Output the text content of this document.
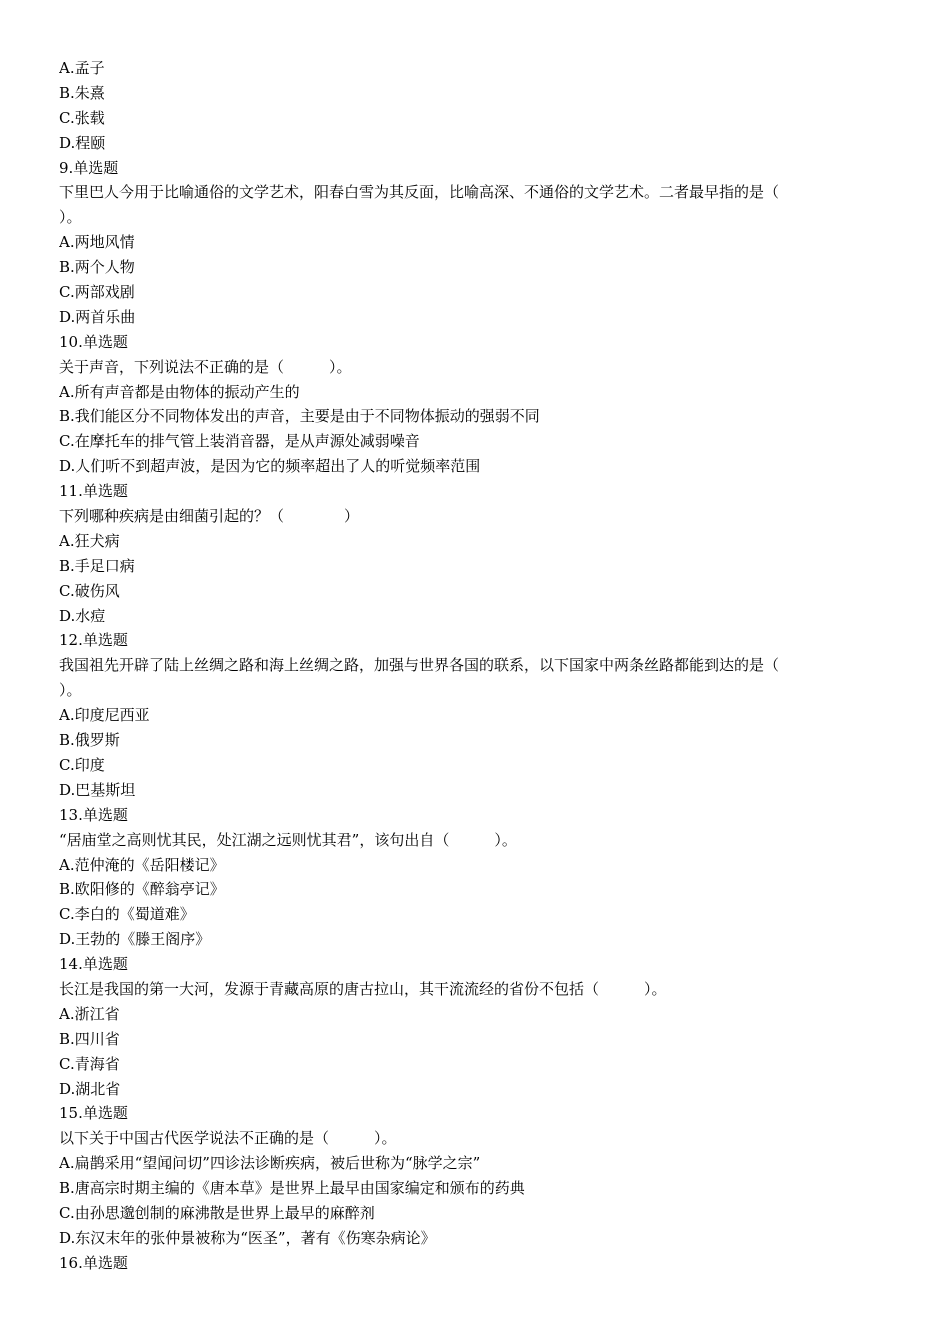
A.孟子
B.朱熹
C.张载
D.程颐
9.单选题
下里巴人今用于比喻通俗的文学艺术，阳春白雪为其反面，比喻高深、不通俗的文学艺术。二者最早指的是（
）。
A.两地风情
B.两个人物
C.两部戏剧
D.两首乐曲
10.单选题
关于声音，下列说法不正确的是（　　　）。
A.所有声音都是由物体的振动产生的
B.我们能区分不同物体发出的声音，主要是由于不同物体振动的强弱不同
C.在摩托车的排气管上装消音器，是从声源处减弱噪音
D.人们听不到超声波，是因为它的频率超出了人的听觉频率范围
11.单选题
下列哪种疾病是由细菌引起的？（　　　　）
A.狂犬病
B.手足口病
C.破伤风
D.水痘
12.单选题
我国祖先开辟了陆上丝绸之路和海上丝绸之路，加强与世界各国的联系，以下国家中两条丝路都能到达的是（
）。
A.印度尼西亚
B.俄罗斯
C.印度
D.巴基斯坦
13.单选题
“居庙堂之高则忧其民，处江湖之远则忧其君”，该句出自（　　　）。
A.范仲淹的《岳阳楼记》
B.欧阳修的《醉翁亭记》
C.李白的《蜀道难》
D.王勃的《滕王阁序》
14.单选题
长江是我国的第一大河，发源于青藏高原的唐古拉山，其干流流经的省份不包括（　　　）。
A.浙江省
B.四川省
C.青海省
D.湖北省
15.单选题
以下关于中国古代医学说法不正确的是（　　　）。
A.扁鹊采用“望闻问切”四诊法诊断疾病，被后世称为“脉学之宗”
B.唐高宗时期主编的《唐本草》是世界上最早由国家编定和颁布的药典
C.由孙思邈创制的麻沸散是世界上最早的麻醉剂
D.东汉末年的张仲景被称为“医圣”，著有《伤寒杂病论》
16.单选题
